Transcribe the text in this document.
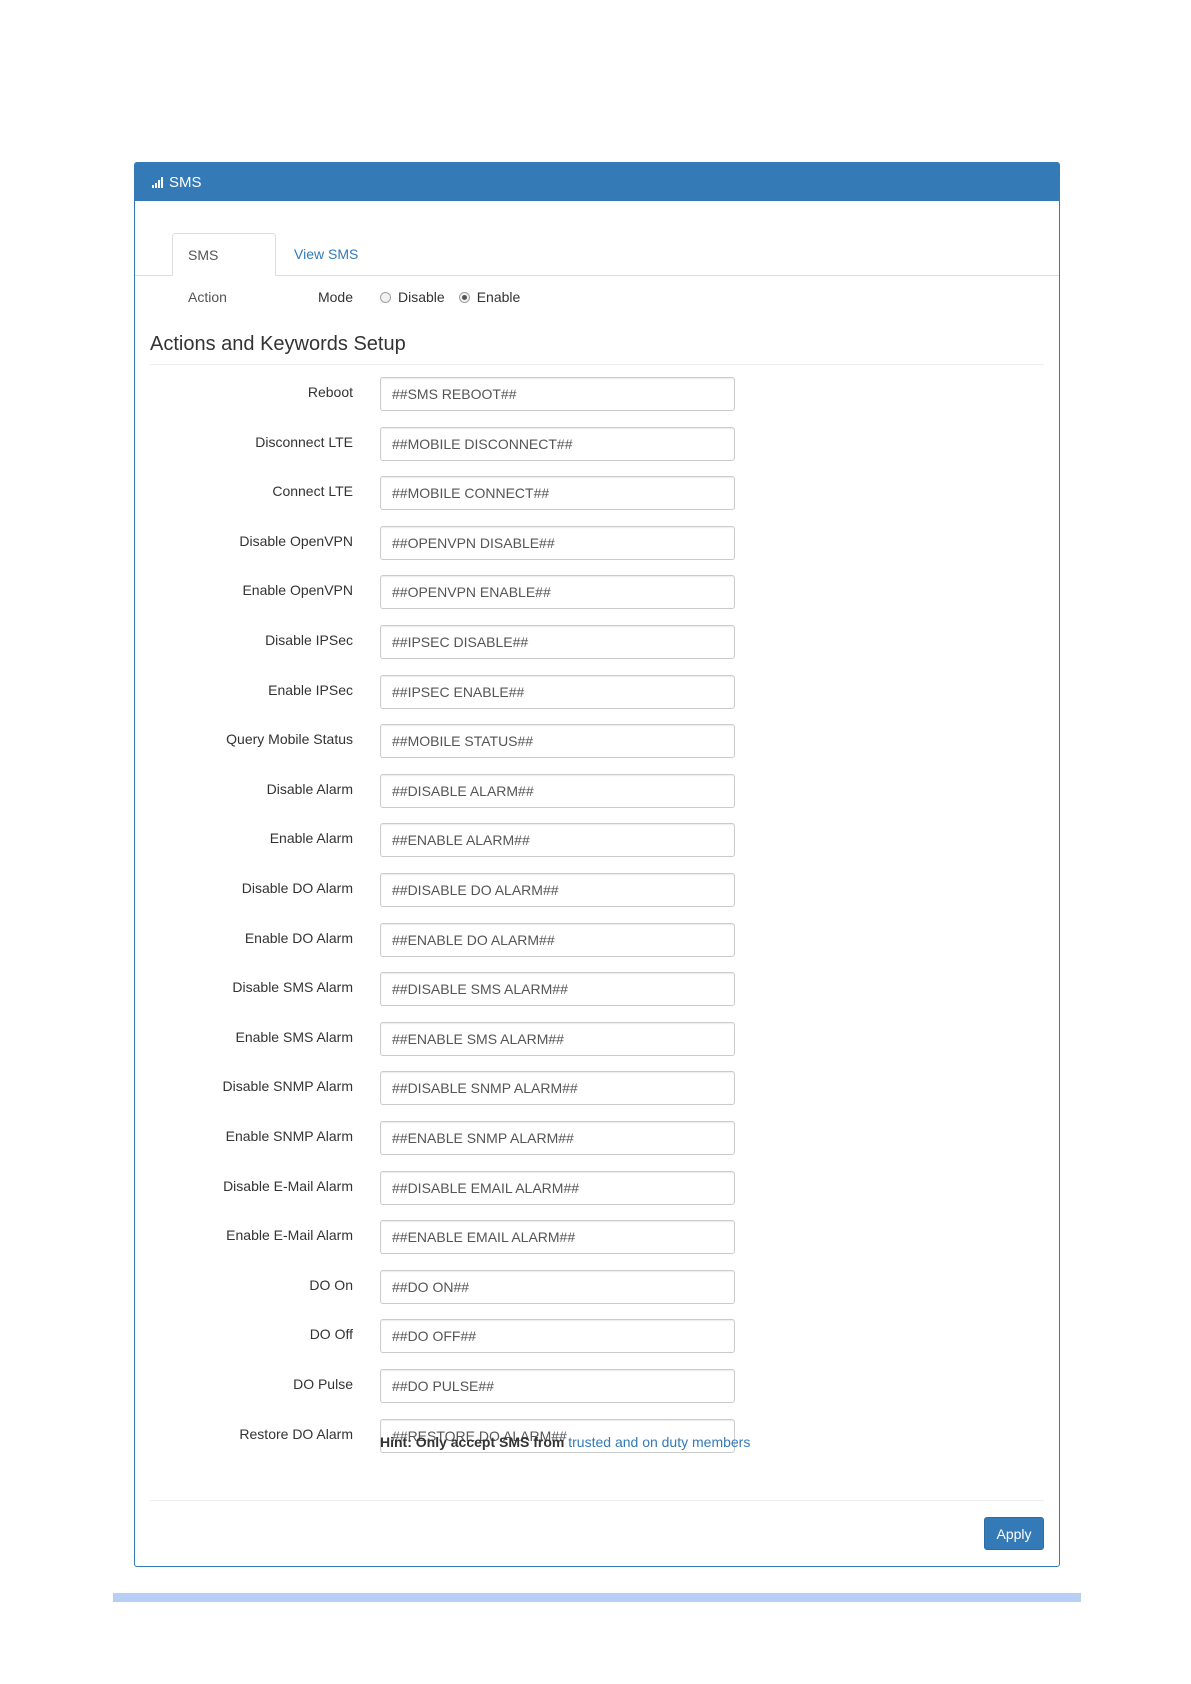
SMS
SMS Action
View SMS
Mode	Disable Enable
Actions and Keywords Setup
Reboot
##SMS REBOOT##
Disconnect LTE
##MOBILE DISCONNECT##
Connect LTE
##MOBILE CONNECT##
Disable OpenVPN
##OPENVPN DISABLE##
Enable OpenVPN
##OPENVPN ENABLE##
Disable IPSec
##IPSEC DISABLE##
Enable IPSec
##IPSEC ENABLE##
Query Mobile Status
##MOBILE STATUS##
Disable Alarm
##DISABLE ALARM##
Enable Alarm
##ENABLE ALARM##
Disable DO Alarm
##DISABLE DO ALARM##
Enable DO Alarm
##ENABLE DO ALARM##
Disable SMS Alarm
##DISABLE SMS ALARM##
Enable SMS Alarm
##ENABLE SMS ALARM##
Disable SNMP Alarm
##DISABLE SNMP ALARM##
Enable SNMP Alarm
##ENABLE SNMP ALARM##
Disable E-Mail Alarm
##DISABLE EMAIL ALARM##
Enable E-Mail Alarm
##ENABLE EMAIL ALARM##
DO On
##DO ON##
DO Off
##DO OFF##
DO Pulse
##DO PULSE##
Restore DO Alarm
##RESTORE DO ALARM##
Hint: Only accept SMS from trusted and on duty members
Apply
